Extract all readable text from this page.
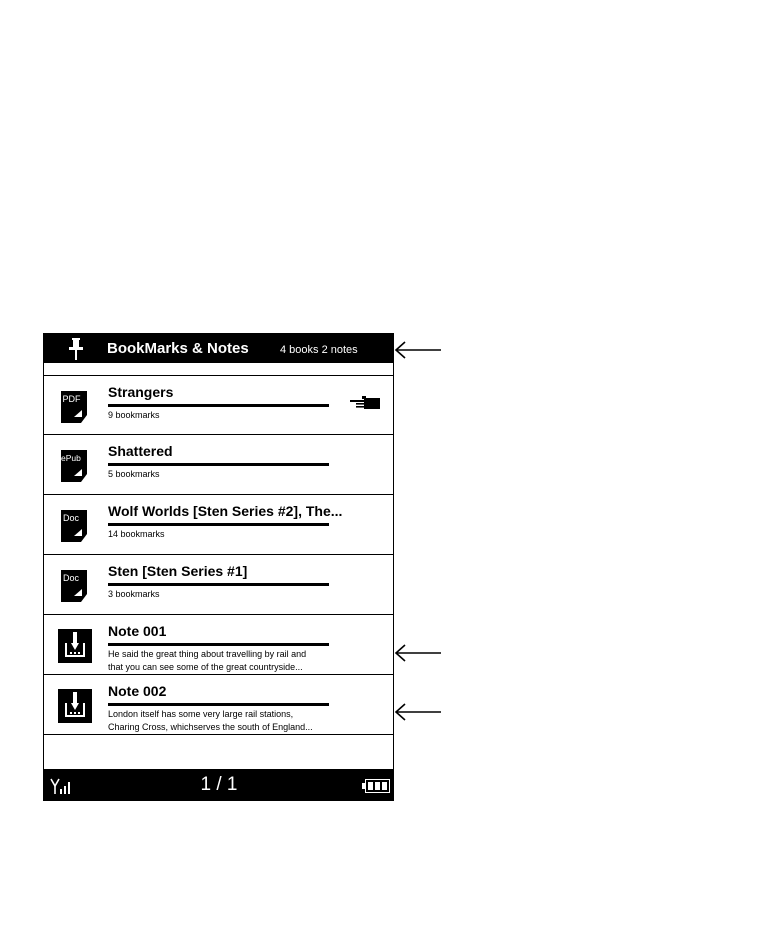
BookMarks & Notes	4 books 2 notes
PDF Strangers
9 bookmarks
ePub Shattered
5 bookmarks
Doc Wolf Worlds [Sten Series #2], The...
14 bookmarks
Doc Sten [Sten Series #1]
3 bookmarks
Note 001
He said the great thing about travelling by rail and
that you can see some of the great countryside...
Note 002
London itself has some very large rail stations,
Charing Cross, whichserves the south of England...
1 / 1
